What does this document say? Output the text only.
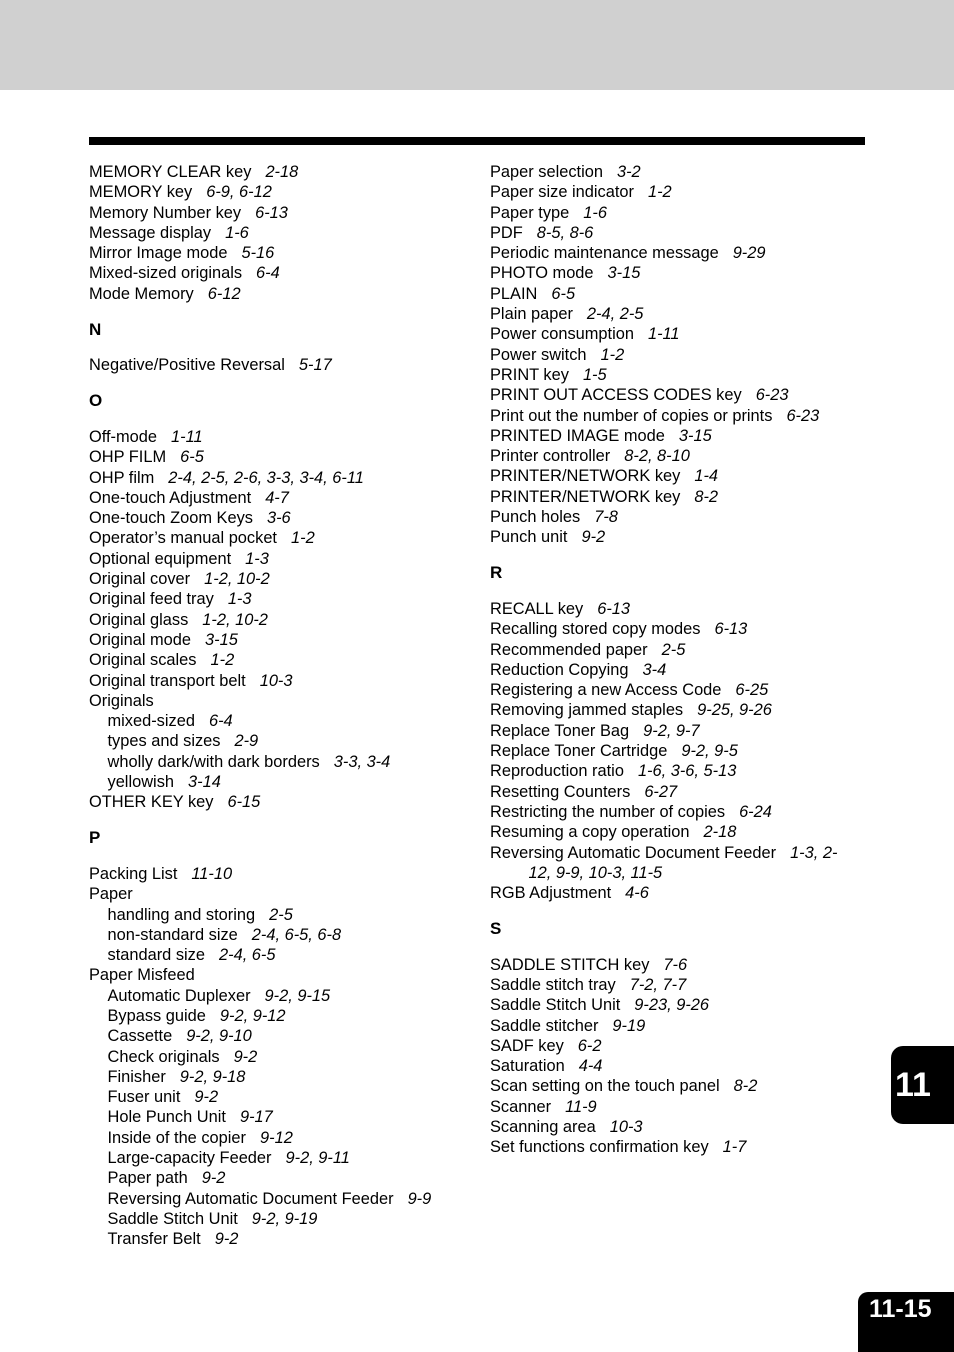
MEMORY CLEAR key 2-18
MEMORY key 6-9, 6-12
Memory Number key 6-13
Message display 1-6
Mirror Image mode 5-16
Mixed-sized originals 6-4
Mode Memory 6-12
N
Negative/Positive Reversal 5-17
O
Off-mode 1-11
OHP FILM 6-5
OHP film 2-4, 2-5, 2-6, 3-3, 3-4, 6-11
One-touch Adjustment 4-7
One-touch Zoom Keys 3-6
Operator’s manual pocket 1-2
Optional equipment 1-3
Original cover 1-2, 10-2
Original feed tray 1-3
Original glass 1-2, 10-2
Original mode 3-15
Original scales 1-2
Original transport belt 10-3
Originals
mixed-sized 6-4
types and sizes 2-9
wholly dark/with dark borders 3-3, 3-4
yellowish 3-14
OTHER KEY key 6-15
P
Packing List 11-10
Paper
handling and storing 2-5
non-standard size 2-4, 6-5, 6-8
standard size 2-4, 6-5
Paper Misfeed
Automatic Duplexer 9-2, 9-15
Bypass guide 9-2, 9-12
Cassette 9-2, 9-10
Check originals 9-2
Finisher 9-2, 9-18
Fuser unit 9-2
Hole Punch Unit 9-17
Inside of the copier 9-12
Large-capacity Feeder 9-2, 9-11
Paper path 9-2
Reversing Automatic Document Feeder 9-9
Saddle Stitch Unit 9-2, 9-19
Transfer Belt 9-2
Paper selection 3-2
Paper size indicator 1-2
Paper type 1-6
PDF 8-5, 8-6
Periodic maintenance message 9-29
PHOTO mode 3-15
PLAIN 6-5
Plain paper 2-4, 2-5
Power consumption 1-11
Power switch 1-2
PRINT key 1-5
PRINT OUT ACCESS CODES key 6-23
Print out the number of copies or prints 6-23
PRINTED IMAGE mode 3-15
Printer controller 8-2, 8-10
PRINTER/NETWORK key 1-4
PRINTER/NETWORK key 8-2
Punch holes 7-8
Punch unit 9-2
R
RECALL key 6-13
Recalling stored copy modes 6-13
Recommended paper 2-5
Reduction Copying 3-4
Registering a new Access Code 6-25
Removing jammed staples 9-25, 9-26
Replace Toner Bag 9-2, 9-7
Replace Toner Cartridge 9-2, 9-5
Reproduction ratio 1-6, 3-6, 5-13
Resetting Counters 6-27
Restricting the number of copies 6-24
Resuming a copy operation 2-18
Reversing Automatic Document Feeder 1-3, 2-
12, 9-9, 10-3, 11-5
RGB Adjustment 4-6
S
SADDLE STITCH key 7-6
Saddle stitch tray 7-2, 7-7
Saddle Stitch Unit 9-23, 9-26
Saddle stitcher 9-19
SADF key 6-2
Saturation 4-4
Scan setting on the touch panel 8-2
Scanner 11-9
Scanning area 10-3
Set functions confirmation key 1-7
11
11-15
